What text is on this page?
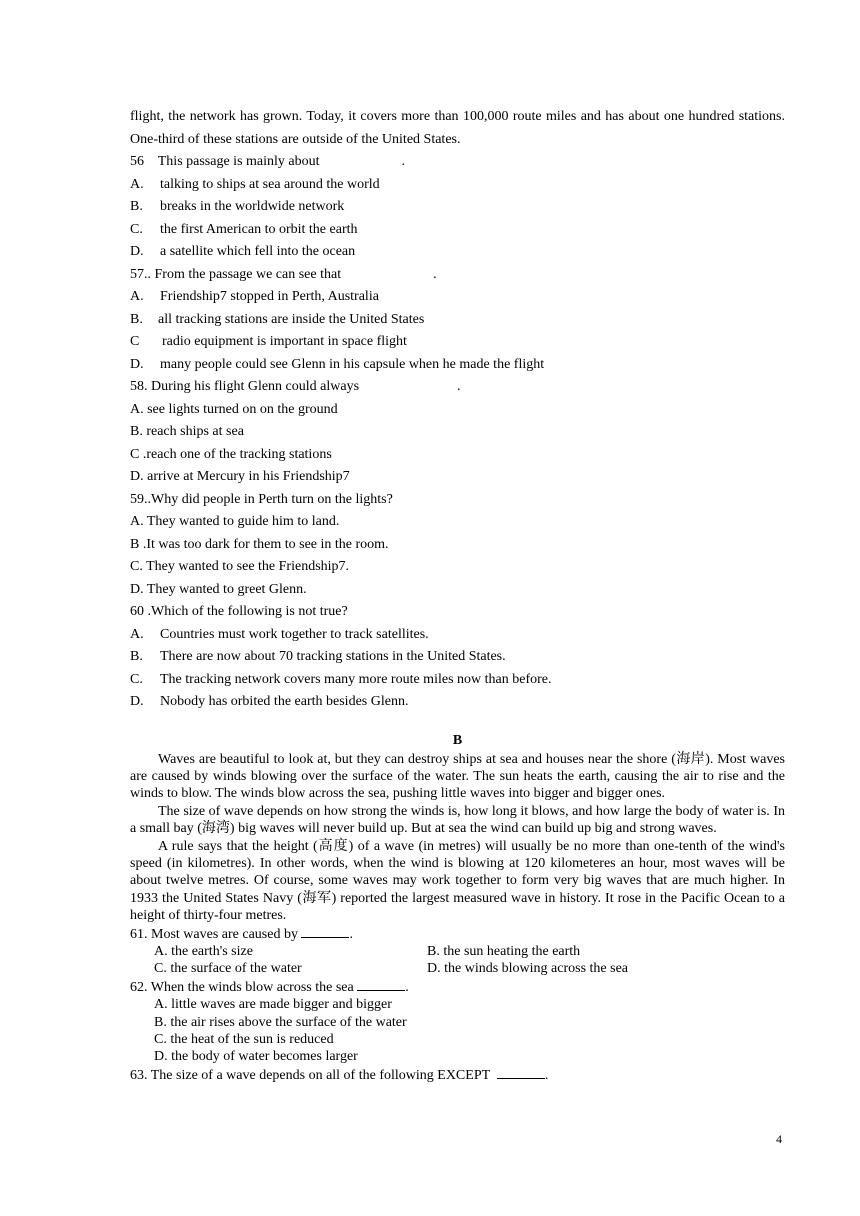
flight, the network has grown. Today, it covers more than 100,000 route miles and has about one hundred stations. One-third of these stations are outside of the United States.

56    This passage is mainly about	.

A. talking to ships at sea around the world

B. breaks in the worldwide network

C. the first American to orbit the earth

D. a satellite which fell into the ocean

57.. From the passage we can see that	.

A. Friendship7 stopped in Perth, Australia

B. all tracking stations are inside the United States

C radio equipment is important in space flight

D. many people could see Glenn in his capsule when he made the flight

58. During his flight Glenn could always	.

A. see lights turned on on the ground

B. reach ships at sea

C .reach one of the tracking stations

D. arrive at Mercury in his Friendship7

59..Why did people in Perth turn on the lights?

A. They wanted to guide him to land.

B .It was too dark for them to see in the room.

C. They wanted to see the Friendship7.

D. They wanted to greet Glenn.

60 .Which of the following is not true?

A. Countries must work together to track satellites.

B. There are now about 70 tracking stations in the United States.

C. The tracking network covers many more route miles now than before.

D. Nobody has orbited the earth besides Glenn.

B

Waves are beautiful to look at, but they can destroy ships at sea and houses near the shore (海岸). Most waves are caused by winds blowing over the surface of the water. The sun heats the earth, causing the air to rise and the winds to blow. The winds blow across the sea, pushing little waves into bigger and bigger ones.

The size of wave depends on how strong the winds is, how long it blows, and how large the body of water is. In a small bay (海湾) big waves will never build up. But at sea the wind can build up big and strong waves.

A rule says that the height (高度) of a wave (in metres) will usually be no more than one-tenth of the wind's speed (in kilometres). In other words, when the wind is blowing at 120 kilometeres an hour, most waves will be about twelve metres. Of course, some waves may work together to form very big waves that are much higher. In 1933 the United States Navy (海军) reported the largest measured wave in history. It rose in the Pacific Ocean to a height of thirty-four metres.

61. Most waves are caused by	.

A. the earth's size	B. the sun heating the earth
C. the surface of the water	D. the winds blowing across the sea

62. When the winds blow across the sea	.

A. little waves are made bigger and bigger

B. the air rises above the surface of the water

C. the heat of the sun is reduced

D. the body of water becomes larger

63. The size of a wave depends on all of the following EXCEPT	.

4
